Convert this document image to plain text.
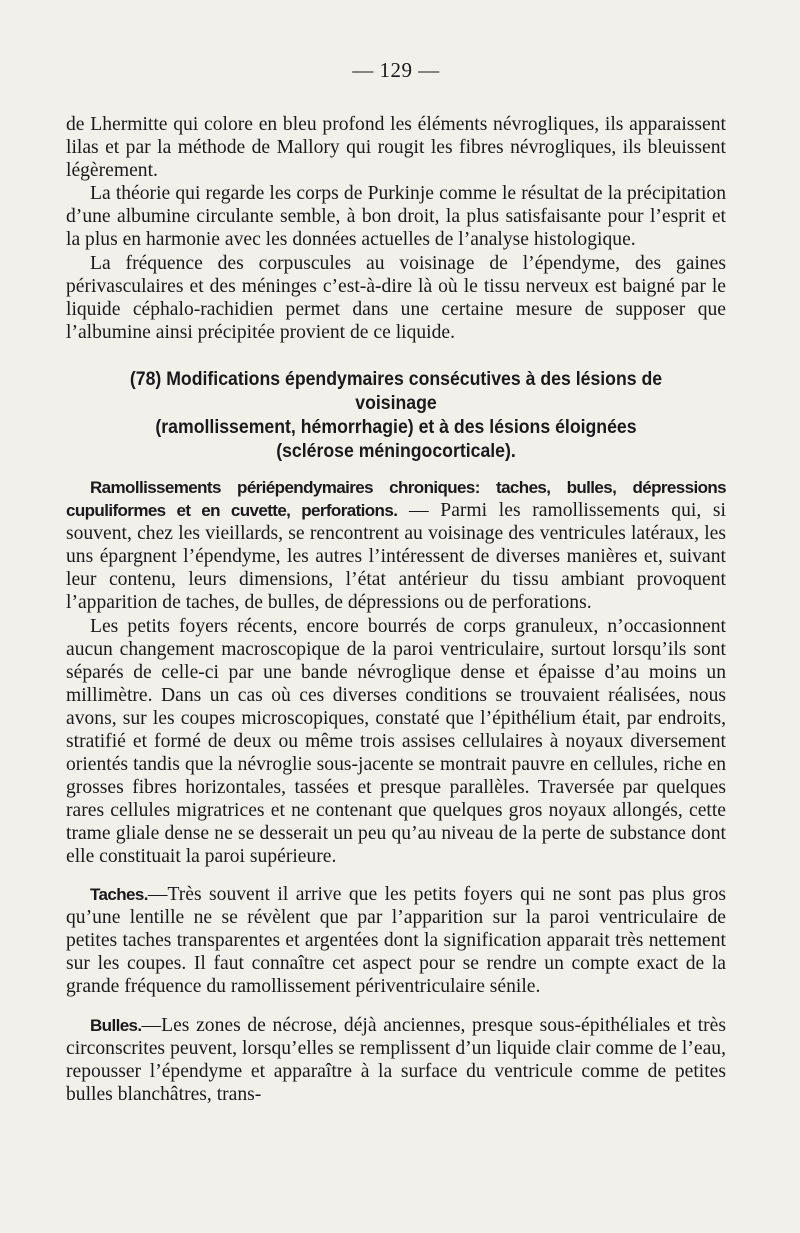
— 129 —

de Lhermitte qui colore en bleu profond les éléments névrogliques, ils apparaissent lilas et par la méthode de Mallory qui rougit les fibres névrogliques, ils bleuissent légèrement.

La théorie qui regarde les corps de Purkinje comme le résultat de la précipitation d’une albumine circulante semble, à bon droit, la plus satisfaisante pour l’esprit et la plus en harmonie avec les données actuelles de l’analyse histologique.

La fréquence des corpuscules au voisinage de l’épendyme, des gaines périvasculaires et des méninges c’est-à-dire là où le tissu nerveux est baigné par le liquide céphalo-rachidien permet dans une certaine mesure de supposer que l’albumine ainsi précipitée provient de ce liquide.

(78) Modifications épendymaires consécutives à des lésions de voisinage
(ramollissement, hémorrhagie) et à des lésions éloignées
(sclérose méningocorticale).

Ramollissements périépendymaires chroniques: taches, bulles, dépressions cupuliformes et en cuvette, perforations. — Parmi les ramollissements qui, si souvent, chez les vieillards, se rencontrent au voisinage des ventricules latéraux, les uns épargnent l’épendyme, les autres l’intéressent de diverses manières et, suivant leur contenu, leurs dimensions, l’état antérieur du tissu ambiant provoquent l’apparition de taches, de bulles, de dépressions ou de perforations.

Les petits foyers récents, encore bourrés de corps granuleux, n’occasionnent aucun changement macroscopique de la paroi ventriculaire, surtout lorsqu’ils sont séparés de celle-ci par une bande névroglique dense et épaisse d’au moins un millimètre. Dans un cas où ces diverses conditions se trouvaient réalisées, nous avons, sur les coupes microscopiques, constaté que l’épithélium était, par endroits, stratifié et formé de deux ou même trois assises cellulaires à noyaux diversement orientés tandis que la névroglie sous-jacente se montrait pauvre en cellules, riche en grosses fibres horizontales, tassées et presque parallèles. Traversée par quelques rares cellules migratrices et ne contenant que quelques gros noyaux allongés, cette trame gliale dense ne se desserait un peu qu’au niveau de la perte de substance dont elle constituait la paroi supérieure.

Taches.—Très souvent il arrive que les petits foyers qui ne sont pas plus gros qu’une lentille ne se révèlent que par l’apparition sur la paroi ventriculaire de petites taches transparentes et argentées dont la signification apparait très nettement sur les coupes. Il faut connaître cet aspect pour se rendre un compte exact de la grande fréquence du ramollissement périventriculaire sénile.

Bulles.—Les zones de nécrose, déjà anciennes, presque sous-épithéliales et très circonscrites peuvent, lorsqu’elles se remplissent d’un liquide clair comme de l’eau, repousser l’épendyme et apparaître à la surface du ventricule comme de petites bulles blanchâtres, trans-
